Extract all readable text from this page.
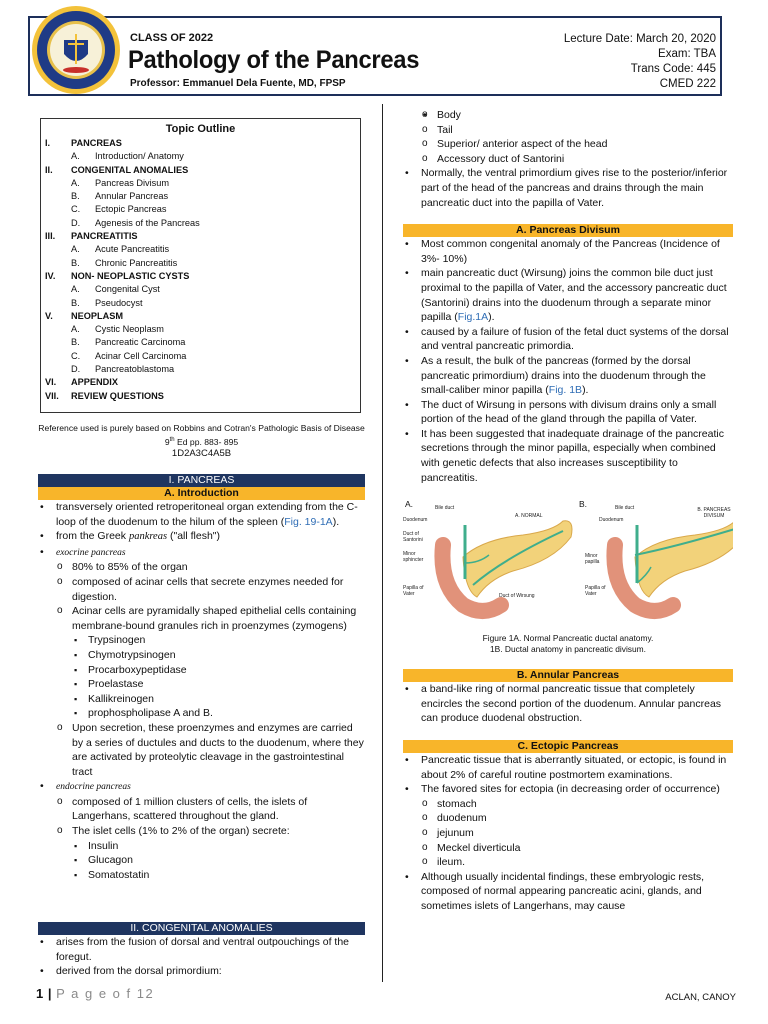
CLASS OF 2022
Pathology of the Pancreas
Professor: Emmanuel Dela Fuente, MD, FPSP
Lecture Date: March 20, 2020
Exam: TBA
Trans Code: 445
CMED 222
Topic Outline
I. PANCREAS
A. Introduction/ Anatomy
II. CONGENITAL ANOMALIES
A. Pancreas Divisum
B. Annular Pancreas
C. Ectopic Pancreas
D. Agenesis of the Pancreas
III. PANCREATITIS
A. Acute Pancreatitis
B. Chronic Pancreatitis
IV. NON- NEOPLASTIC CYSTS
A. Congenital Cyst
B. Pseudocyst
V. NEOPLASM
A. Cystic Neoplasm
B. Pancreatic Carcinoma
C. Acinar Cell Carcinoma
D. Pancreatoblastoma
VI. APPENDIX
VII. REVIEW QUESTIONS
Reference used is purely based on Robbins and Cotran's Pathologic Basis of Disease
9th Ed pp. 883- 895
1D2A3C4A5B
I. PANCREAS
A. Introduction
• transversely oriented retroperitoneal organ extending from the C-loop of the duodenum to the hilum of the spleen (Fig. 19-1A).
• from the Greek pankreas ("all flesh")
• exocrine pancreas
o 80% to 85% of the organ
o composed of acinar cells that secrete enzymes needed for digestion.
o Acinar cells are pyramidally shaped epithelial cells containing membrane-bound granules rich in proenzymes (zymogens)
▪ Trypsinogen
▪ Chymotrypsinogen
▪ Procarboxypeptidase
▪ Proelastase
▪ Kallikreinogen
▪ prophospholipase A and B.
o Upon secretion, these proenzymes and enzymes are carried by a series of ductules and ducts to the duodenum, where they are activated by proteolytic cleavage in the gastrointestinal tract
• endocrine pancreas
o composed of 1 million clusters of cells, the islets of Langerhans, scattered throughout the gland.
o The islet cells (1% to 2% of the organ) secrete:
▪ Insulin
▪ Glucagon
▪ Somatostatin
II. CONGENITAL ANOMALIES
• arises from the fusion of dorsal and ventral outpouchings of the foregut.
• derived from the dorsal primordium:
o • Body
o Tail
o Superior/ anterior aspect of the head
o Accessory duct of Santorini
• Normally, the ventral primordium gives rise to the posterior/inferior part of the head of the pancreas and drains through the main pancreatic duct into the papilla of Vater.
A. Pancreas Divisum
• Most common congenital anomaly of the Pancreas (Incidence of 3%- 10%)
• main pancreatic duct (Wirsung) joins the common bile duct just proximal to the papilla of Vater, and the accessory pancreatic duct (Santorini) drains into the duodenum through a separate minor papilla (Fig.1A).
• caused by a failure of fusion of the fetal duct systems of the dorsal and ventral pancreatic primordia.
• As a result, the bulk of the pancreas (formed by the dorsal pancreatic primordium) drains into the duodenum through the small-caliber minor papilla (Fig. 1B).
• The duct of Wirsung in persons with divisum drains only a small portion of the head of the gland through the papilla of Vater.
• It has been suggested that inadequate drainage of the pancreatic secretions through the minor papilla, especially when combined with genetic defects that also increases susceptibility to pancreatitis.
A.	B.
A. NORMAL
Bile duct
Duodenum
Duct of Santorini
Minor sphincter
Papilla of Vater	Duct of Wirsung
B. PANCREAS DIVISUM
Bile duct
Duodenum
Minor papilla
Papilla of Vater
Figure 1A. Normal Pancreatic ductal anatomy.
1B. Ductal anatomy in pancreatic divisum.
B. Annular Pancreas
• a band-like ring of normal pancreatic tissue that completely encircles the second portion of the duodenum. Annular pancreas can produce duodenal obstruction.
C. Ectopic Pancreas
• Pancreatic tissue that is aberrantly situated, or ectopic, is found in about 2% of careful routine postmortem examinations.
• The favored sites for ectopia (in decreasing order of occurrence)
o stomach
o duodenum
o jejunum
o Meckel diverticula
o ileum.
• Although usually incidental findings, these embryologic rests, composed of normal appearing pancreatic acini, glands, and sometimes islets of Langerhans, may cause
1 | P a g e o f 12	ACLAN, CANOY
